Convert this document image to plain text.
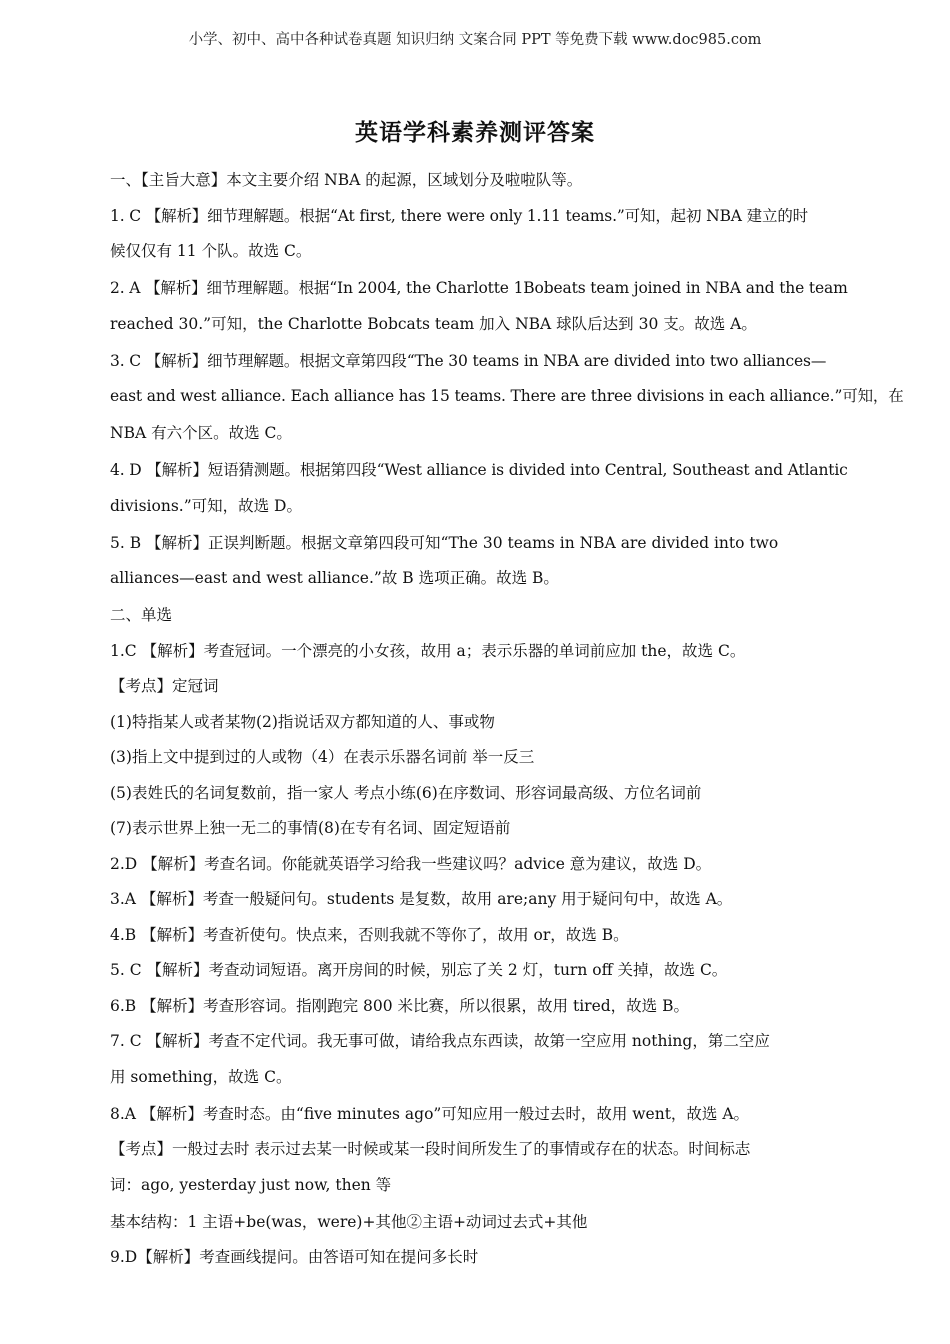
小学、初中、高中各种试卷真题 知识归纳 文案合同 PPT 等免费下载 www.doc985.com
英语学科素养测评答案
一、【主旨大意】本文主要介绍 NBA 的起源，区域划分及啦啦队等。
1. C 【解析】细节理解题。根据“At first, there were only 1.11 teams.”可知，起初 NBA 建立的时
候仅仅有 11 个队。故选 C。
2. A 【解析】细节理解题。根据“In 2004, the Charlotte 1Bobeats team joined in NBA and the team
reached 30.”可知，the Charlotte Bobcats team 加入 NBA 球队后达到 30 支。故选 A。
3. C 【解析】细节理解题。根据文章第四段“The 30 teams in NBA are divided into two alliances—
east and west alliance. Each alliance has 15 teams. There are three divisions in each alliance.”可知，在
NBA 有六个区。故选 C。
4. D 【解析】短语猜测题。根据第四段“West alliance is divided into Central, Southeast and Atlantic
divisions.”可知，故选 D。
5. B 【解析】正误判断题。根据文章第四段可知“The 30 teams in NBA are divided into two
alliances—east and west alliance.”故 B 选项正确。故选 B。
二、单选
1.C 【解析】考查冠词。一个漂亮的小女孩，故用 a；表示乐器的单词前应加 the，故选 C。
【考点】定冠词
(1)特指某人或者某物(2)指说话双方都知道的人、事或物
(3)指上文中提到过的人或物（4）在表示乐器名词前 举一反三
(5)表姓氏的名词复数前，指一家人 考点小练(6)在序数词、形容词最高级、方位名词前
(7)表示世界上独一无二的事情(8)在专有名词、固定短语前
2.D 【解析】考查名词。你能就英语学习给我一些建议吗？advice 意为建议，故选 D。
3.A 【解析】考查一般疑问句。students 是复数，故用 are;any 用于疑问句中，故选 A。
4.B 【解析】考查祈使句。快点来，否则我就不等你了，故用 or，故选 B。
5. C 【解析】考查动词短语。离开房间的时候，别忘了关 2 灯，turn off 关掉，故选 C。
6.B 【解析】考查形容词。指刚跑完 800 米比赛，所以很累，故用 tired，故选 B。
7. C 【解析】考查不定代词。我无事可做，请给我点东西读，故第一空应用 nothing，第二空应
用 something，故选 C。
8.A 【解析】考查时态。由“five minutes ago”可知应用一般过去时，故用 went，故选 A。
【考点】一般过去时 表示过去某一时候或某一段时间所发生了的事情或存在的状态。时间标志
词：ago, yesterday just now, then 等
基本结构：1 主语+be(was，were)+其他②主语+动词过去式+其他
9.D【解析】考查画线提问。由答语可知在提问多长时
